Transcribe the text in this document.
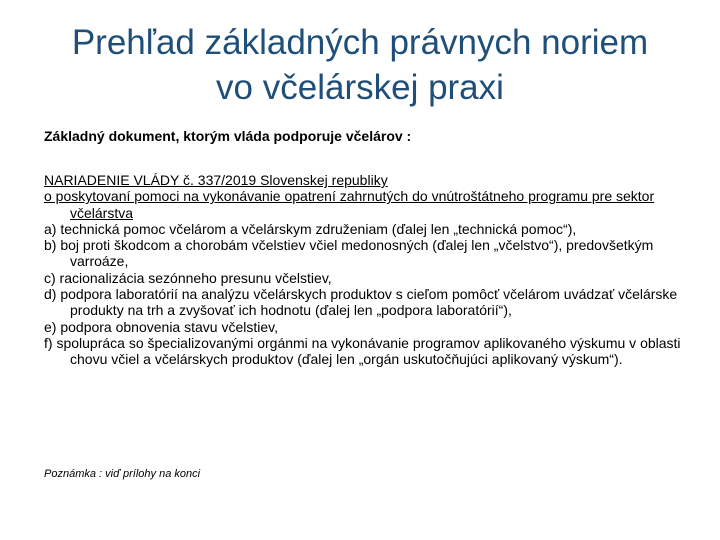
Prehľad základných právnych noriem
vo včelárskej praxi

Základný dokument, ktorým vláda podporuje včelárov :

NARIADENIE VLÁDY č. 337/2019 Slovenskej republiky

o poskytovaní pomoci na vykonávanie opatrení zahrnutých do vnútroštátneho programu pre sektor včelárstva

a) technická pomoc včelárom a včelárskym združeniam (ďalej len „technická pomoc“),

b) boj proti škodcom a chorobám včelstiev včiel medonosných (ďalej len „včelstvo“), predovšetkým varroáze,

c) racionalizácia sezónneho presunu včelstiev,

d) podpora laboratórií na analýzu včelárskych produktov s cieľom pomôcť včelárom uvádzať včelárske produkty na trh a zvyšovať ich hodnotu (ďalej len „podpora laboratórií“),

e) podpora obnovenia stavu včelstiev,

f) spolupráca so špecializovanými orgánmi na vykonávanie programov aplikovaného výskumu v oblasti chovu včiel a včelárskych produktov (ďalej len „orgán uskutočňujúci aplikovaný výskum“).

Poznámka : viď prílohy na konci
